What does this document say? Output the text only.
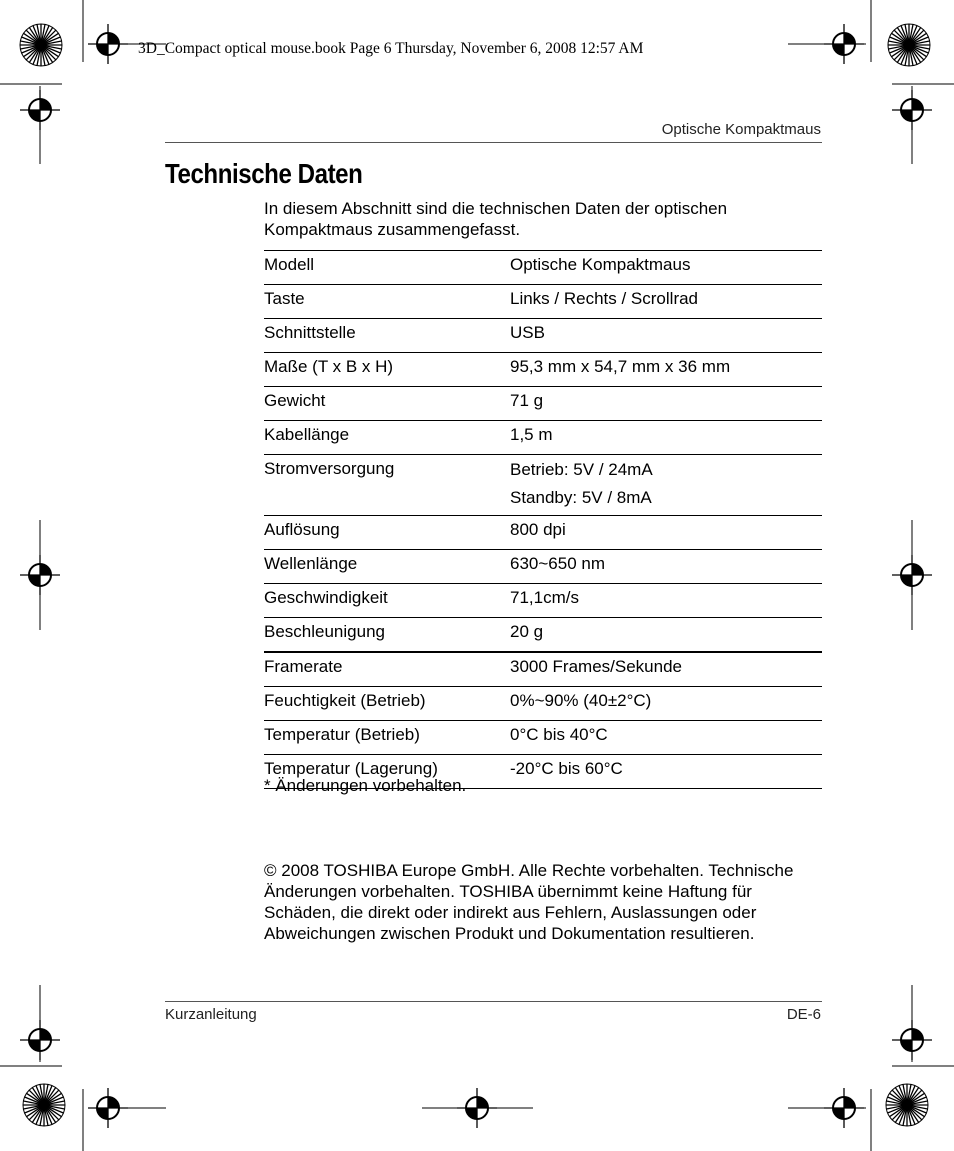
3D_Compact optical mouse.book Page 6 Thursday, November 6, 2008 12:57 AM
Optische Kompaktmaus
Technische Daten
In diesem Abschnitt sind die technischen Daten der optischen Kompaktmaus zusammengefasst.
Modell	Optische Kompaktmaus
Taste	Links / Rechts / Scrollrad
Schnittstelle	USB
Maße (T x B x H)	95,3 mm x 54,7 mm x 36 mm
Gewicht	71 g
Kabellänge	1,5 m
Stromversorgung	Betrieb: 5V / 24mA
Standby: 5V / 8mA

Auflösung	800 dpi
Wellenlänge	630~650 nm
Geschwindigkeit	71,1cm/s
Beschleunigung	20 g
Framerate	3000 Frames/Sekunde
Feuchtigkeit (Betrieb)	0%~90% (40±2°C)
Temperatur (Betrieb)	0°C bis 40°C
Temperatur (Lagerung)	-20°C bis 60°C
* Änderungen vorbehalten.
© 2008 TOSHIBA Europe GmbH. Alle Rechte vorbehalten. Technische Änderungen vorbehalten. TOSHIBA übernimmt keine Haftung für Schäden, die direkt oder indirekt aus Fehlern, Auslassungen oder Abweichungen zwischen Produkt und Dokumentation resultieren.
Kurzanleitung	DE-6
